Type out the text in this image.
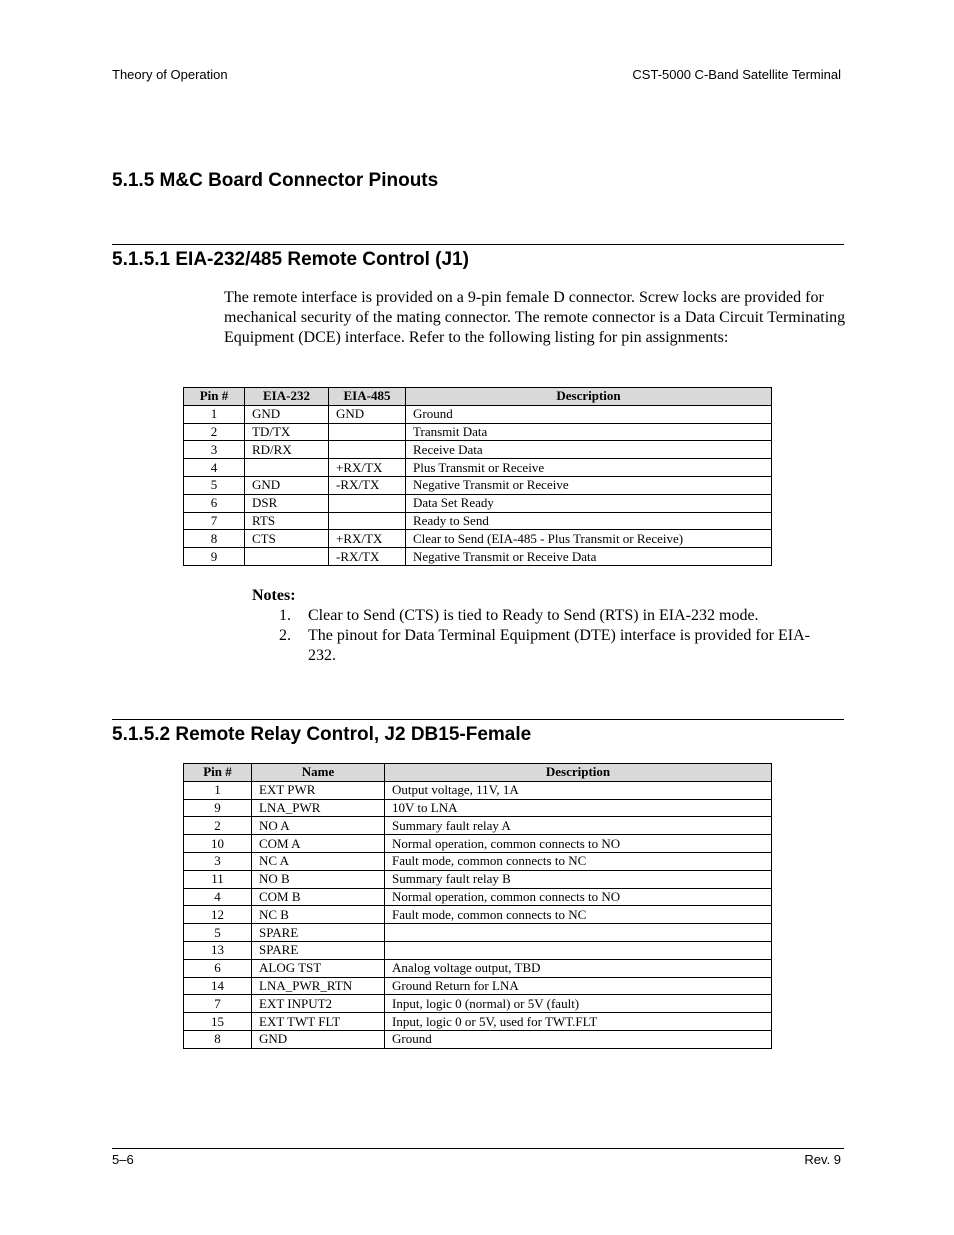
Theory of Operation	CST-5000 C-Band Satellite Terminal
5.1.5 M&C Board Connector Pinouts
5.1.5.1 EIA-232/485 Remote Control (J1)
The remote interface is provided on a 9-pin female D connector. Screw locks are provided for mechanical security of the mating connector. The remote connector is a Data Circuit Terminating Equipment (DCE) interface. Refer to the following listing for pin assignments:
Pin #	EIA-232	EIA-485	Description
1	GND	GND	Ground
2	TD/TX		Transmit Data
3	RD/RX		Receive Data
4		+RX/TX	Plus Transmit or Receive
5	GND	-RX/TX	Negative Transmit or Receive
6	DSR		Data Set Ready
7	RTS		Ready to Send
8	CTS	+RX/TX	Clear to Send (EIA-485 - Plus Transmit or Receive)
9		-RX/TX	Negative Transmit or Receive Data
Notes:
1. Clear to Send (CTS) is tied to Ready to Send (RTS) in EIA-232 mode.
2. The pinout for Data Terminal Equipment (DTE) interface is provided for EIA-232.
5.1.5.2 Remote Relay Control, J2 DB15-Female
Pin #	Name	Description
1	EXT PWR	Output voltage, 11V, 1A
9	LNA_PWR	10V to LNA
2	NO A	Summary fault relay A
10	COM A	Normal operation, common connects to NO
3	NC A	Fault mode, common connects to NC
11	NO B	Summary fault relay B
4	COM B	Normal operation, common connects to NO
12	NC B	Fault mode, common connects to NC
5	SPARE	
13	SPARE	
6	ALOG TST	Analog voltage output, TBD
14	LNA_PWR_RTN	Ground Return for LNA
7	EXT INPUT2	Input, logic 0 (normal) or 5V (fault)
15	EXT TWT FLT	Input, logic 0 or 5V, used for TWT.FLT
8	GND	Ground
5–6	Rev. 9
